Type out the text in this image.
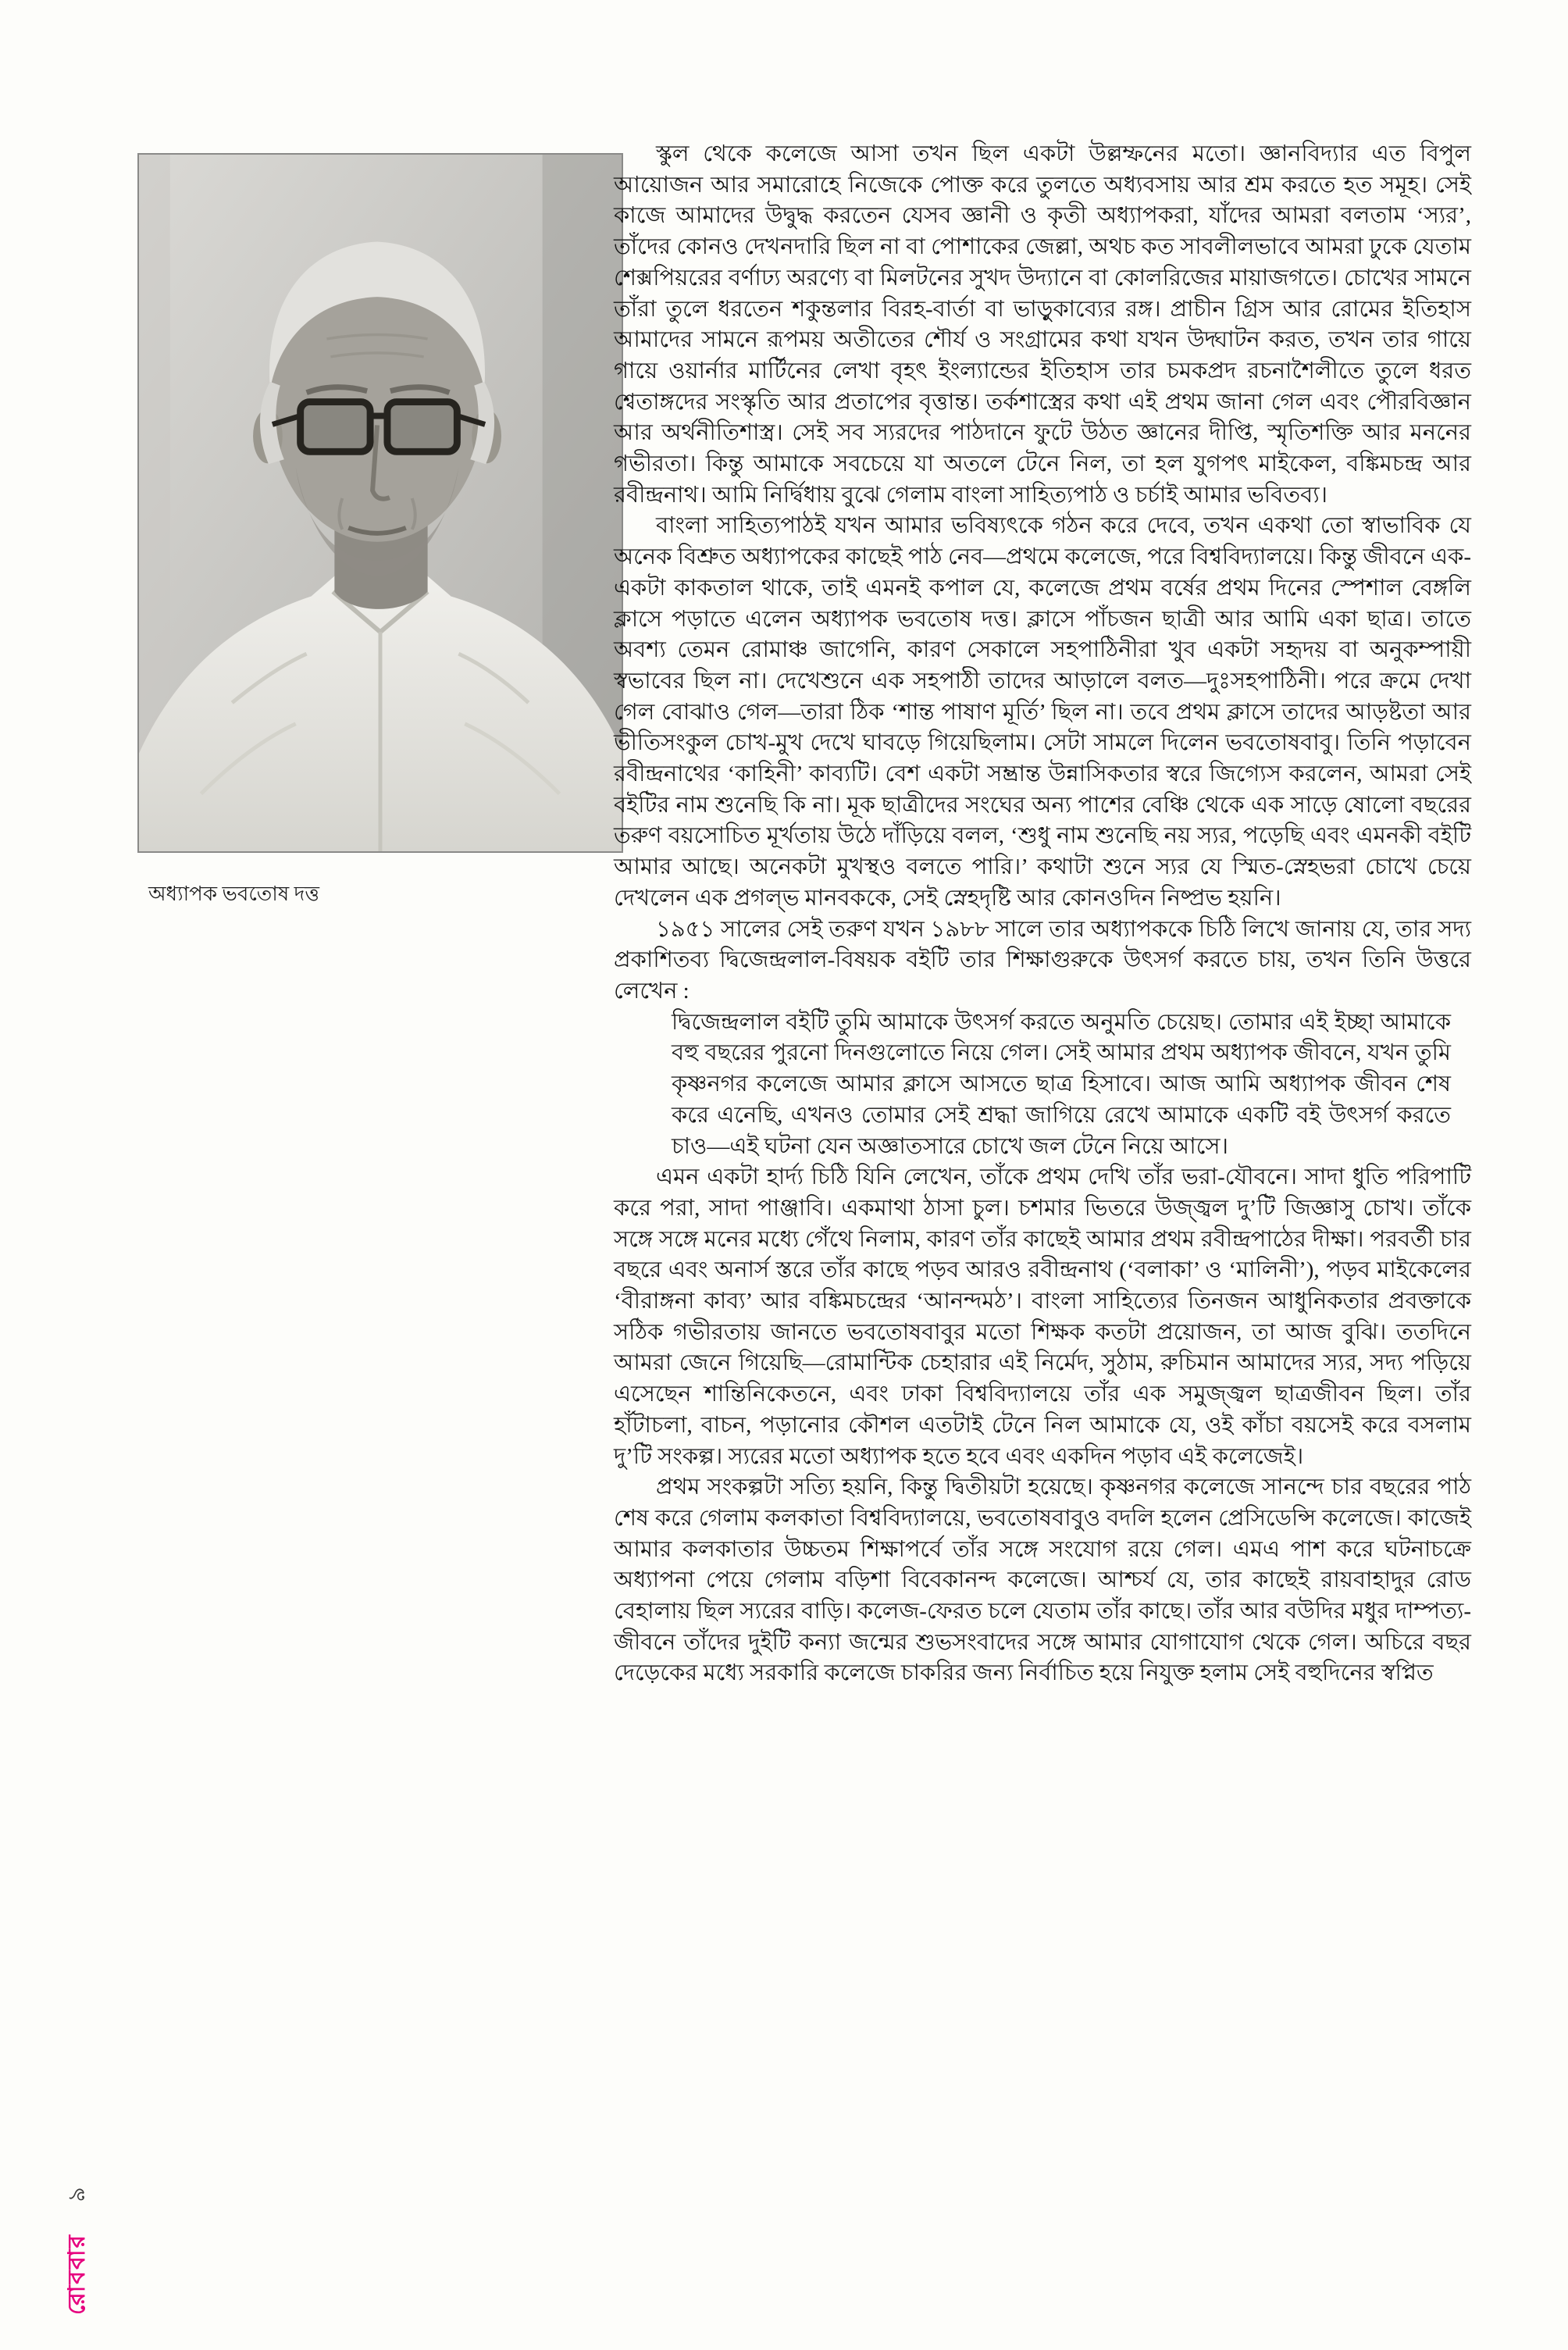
অধ্যাপক ভবতোষ দত্ত

স্কুল থেকে কলেজে আসা তখন ছিল একটা উল্লম্ফনের মতো। জ্ঞানবিদ্যার এত বিপুল আয়োজন আর সমারোহে নিজেকে পোক্ত করে তুলতে অধ্যবসায় আর শ্রম করতে হত সমূহ। সেই কাজে আমাদের উদ্বুদ্ধ করতেন যেসব জ্ঞানী ও কৃতী অধ্যাপকরা, যাঁদের আমরা বলতাম ‘স্যর’, তাঁদের কোনও দেখনদারি ছিল না বা পোশাকের জেল্লা, অথচ কত সাবলীলভাবে আমরা ঢুকে যেতাম শেক্সপিয়রের বর্ণাঢ্য অরণ্যে বা মিলটনের সুখদ উদ্যানে বা কোলরিজের মায়াজগতে। চোখের সামনে তাঁরা তুলে ধরতেন শকুন্তলার বিরহ-বার্তা বা ভাড়ুকাব্যের রঙ্গ। প্রাচীন গ্রিস আর রোমের ইতিহাস আমাদের সামনে রূপময় অতীতের শৌর্য ও সংগ্রামের কথা যখন উদ্ঘাটন করত, তখন তার গায়ে গায়ে ওয়ার্নার মার্টিনের লেখা বৃহৎ ইংল্যান্ডের ইতিহাস তার চমকপ্রদ রচনাশৈলীতে তুলে ধরত শ্বেতাঙ্গদের সংস্কৃতি আর প্রতাপের বৃত্তান্ত। তর্কশাস্ত্রের কথা এই প্রথম জানা গেল এবং পৌরবিজ্ঞান আর অর্থনীতিশাস্ত্র। সেই সব স্যরদের পাঠদানে ফুটে উঠত জ্ঞানের দীপ্তি, স্মৃতিশক্তি আর মননের গভীরতা। কিন্তু আমাকে সবচেয়ে যা অতলে টেনে নিল, তা হল যুগপৎ মাইকেল, বঙ্কিমচন্দ্র আর রবীন্দ্রনাথ। আমি নির্দ্বিধায় বুঝে গেলাম বাংলা সাহিত্যপাঠ ও চর্চাই আমার ভবিতব্য।

বাংলা সাহিত্যপাঠই যখন আমার ভবিষ্যৎকে গঠন করে দেবে, তখন একথা তো স্বাভাবিক যে অনেক বিশ্রুত অধ্যাপকের কাছেই পাঠ নেব—প্রথমে কলেজে, পরে বিশ্ববিদ্যালয়ে। কিন্তু জীবনে এক-একটা কাকতাল থাকে, তাই এমনই কপাল যে, কলেজে প্রথম বর্ষের প্রথম দিনের স্পেশাল বেঙ্গলি ক্লাসে পড়াতে এলেন অধ্যাপক ভবতোষ দত্ত। ক্লাসে পাঁচজন ছাত্রী আর আমি একা ছাত্র। তাতে অবশ্য তেমন রোমাঞ্চ জাগেনি, কারণ সেকালে সহপাঠিনীরা খুব একটা সহৃদয় বা অনুকম্পায়ী স্বভাবের ছিল না। দেখেশুনে এক সহপাঠী তাদের আড়ালে বলত—দুঃসহপাঠিনী। পরে ক্রমে দেখা গেল বোঝাও গেল—তারা ঠিক ‘শান্ত পাষাণ মূর্তি’ ছিল না। তবে প্রথম ক্লাসে তাদের আড়ষ্টতা আর ভীতিসংকুল চোখ-মুখ দেখে ঘাবড়ে গিয়েছিলাম। সেটা সামলে দিলেন ভবতোষবাবু। তিনি পড়াবেন রবীন্দ্রনাথের ‘কাহিনী’ কাব্যটি। বেশ একটা সম্ভ্রান্ত উন্নাসিকতার স্বরে জিগ্যেস করলেন, আমরা সেই বইটির নাম শুনেছি কি না। মূক ছাত্রীদের সংঘের অন্য পাশের বেঞ্চি থেকে এক সাড়ে ষোলো বছরের তরুণ বয়সোচিত মূর্খতায় উঠে দাঁড়িয়ে বলল, ‘শুধু নাম শুনেছি নয় স্যর, পড়েছি এবং এমনকী বইটি আমার আছে। অনেকটা মুখস্থও বলতে পারি।’ কথাটা শুনে স্যর যে স্মিত-স্নেহভরা চোখে চেয়ে দেখলেন এক প্রগল্ভ মানবককে, সেই স্নেহদৃষ্টি আর কোনওদিন নিষ্প্রভ হয়নি।

১৯৫১ সালের সেই তরুণ যখন ১৯৮৮ সালে তার অধ্যাপককে চিঠি লিখে জানায় যে, তার সদ্য প্রকাশিতব্য দ্বিজেন্দ্রলাল-বিষয়ক বইটি তার শিক্ষাগুরুকে উৎসর্গ করতে চায়, তখন তিনি উত্তরে লেখেন :

দ্বিজেন্দ্রলাল বইটি তুমি আমাকে উৎসর্গ করতে অনুমতি চেয়েছ। তোমার এই ইচ্ছা আমাকে বহু বছরের পুরনো দিনগুলোতে নিয়ে গেল। সেই আমার প্রথম অধ্যাপক জীবনে, যখন তুমি কৃষ্ণনগর কলেজে আমার ক্লাসে আসতে ছাত্র হিসাবে। আজ আমি অধ্যাপক জীবন শেষ করে এনেছি, এখনও তোমার সেই শ্রদ্ধা জাগিয়ে রেখে আমাকে একটি বই উৎসর্গ করতে চাও—এই ঘটনা যেন অজ্ঞাতসারে চোখে জল টেনে নিয়ে আসে।

এমন একটা হার্দ্য চিঠি যিনি লেখেন, তাঁকে প্রথম দেখি তাঁর ভরা-যৌবনে। সাদা ধুতি পরিপাটি করে পরা, সাদা পাঞ্জাবি। একমাথা ঠাসা চুল। চশমার ভিতরে উজ্জ্বল দু’টি জিজ্ঞাসু চোখ। তাঁকে সঙ্গে সঙ্গে মনের মধ্যে গেঁথে নিলাম, কারণ তাঁর কাছেই আমার প্রথম রবীন্দ্রপাঠের দীক্ষা। পরবর্তী চার বছরে এবং অনার্স স্তরে তাঁর কাছে পড়ব আরও রবীন্দ্রনাথ (‘বলাকা’ ও ‘মালিনী’), পড়ব মাইকেলের ‘বীরাঙ্গনা কাব্য’ আর বঙ্কিমচন্দ্রের ‘আনন্দমঠ’। বাংলা সাহিত্যের তিনজন আধুনিকতার প্রবক্তাকে সঠিক গভীরতায় জানতে ভবতোষবাবুর মতো শিক্ষক কতটা প্রয়োজন, তা আজ বুঝি। ততদিনে আমরা জেনে গিয়েছি—রোমান্টিক চেহারার এই নির্মেদ, সুঠাম, রুচিমান আমাদের স্যর, সদ্য পড়িয়ে এসেছেন শান্তিনিকেতনে, এবং ঢাকা বিশ্ববিদ্যালয়ে তাঁর এক সমুজ্জ্বল ছাত্রজীবন ছিল। তাঁর হাঁটাচলা, বাচন, পড়ানোর কৌশল এতটাই টেনে নিল আমাকে যে, ওই কাঁচা বয়সেই করে বসলাম দু’টি সংকল্প। স্যরের মতো অধ্যাপক হতে হবে এবং একদিন পড়াব এই কলেজেই।

প্রথম সংকল্পটা সত্যি হয়নি, কিন্তু দ্বিতীয়টা হয়েছে। কৃষ্ণনগর কলেজে সানন্দে চার বছরের পাঠ শেষ করে গেলাম কলকাতা বিশ্ববিদ্যালয়ে, ভবতোষবাবুও বদলি হলেন প্রেসিডেন্সি কলেজে। কাজেই আমার কলকাতার উচ্চতম শিক্ষাপর্বে তাঁর সঙ্গে সংযোগ রয়ে গেল। এমএ পাশ করে ঘটনাচক্রে অধ্যাপনা পেয়ে গেলাম বড়িশা বিবেকানন্দ কলেজে। আশ্চর্য যে, তার কাছেই রায়বাহাদুর রোড বেহালায় ছিল স্যরের বাড়ি। কলেজ-ফেরত চলে যেতাম তাঁর কাছে। তাঁর আর বউদির মধুর দাম্পত্য-জীবনে তাঁদের দুইটি কন্যা জন্মের শুভসংবাদের সঙ্গে আমার যোগাযোগ থেকে গেল। অচিরে বছর দেড়েকের মধ্যে সরকারি কলেজে চাকরির জন্য নির্বাচিত হয়ে নিযুক্ত হলাম সেই বহুদিনের স্বপ্নিত

রোববার ৯
